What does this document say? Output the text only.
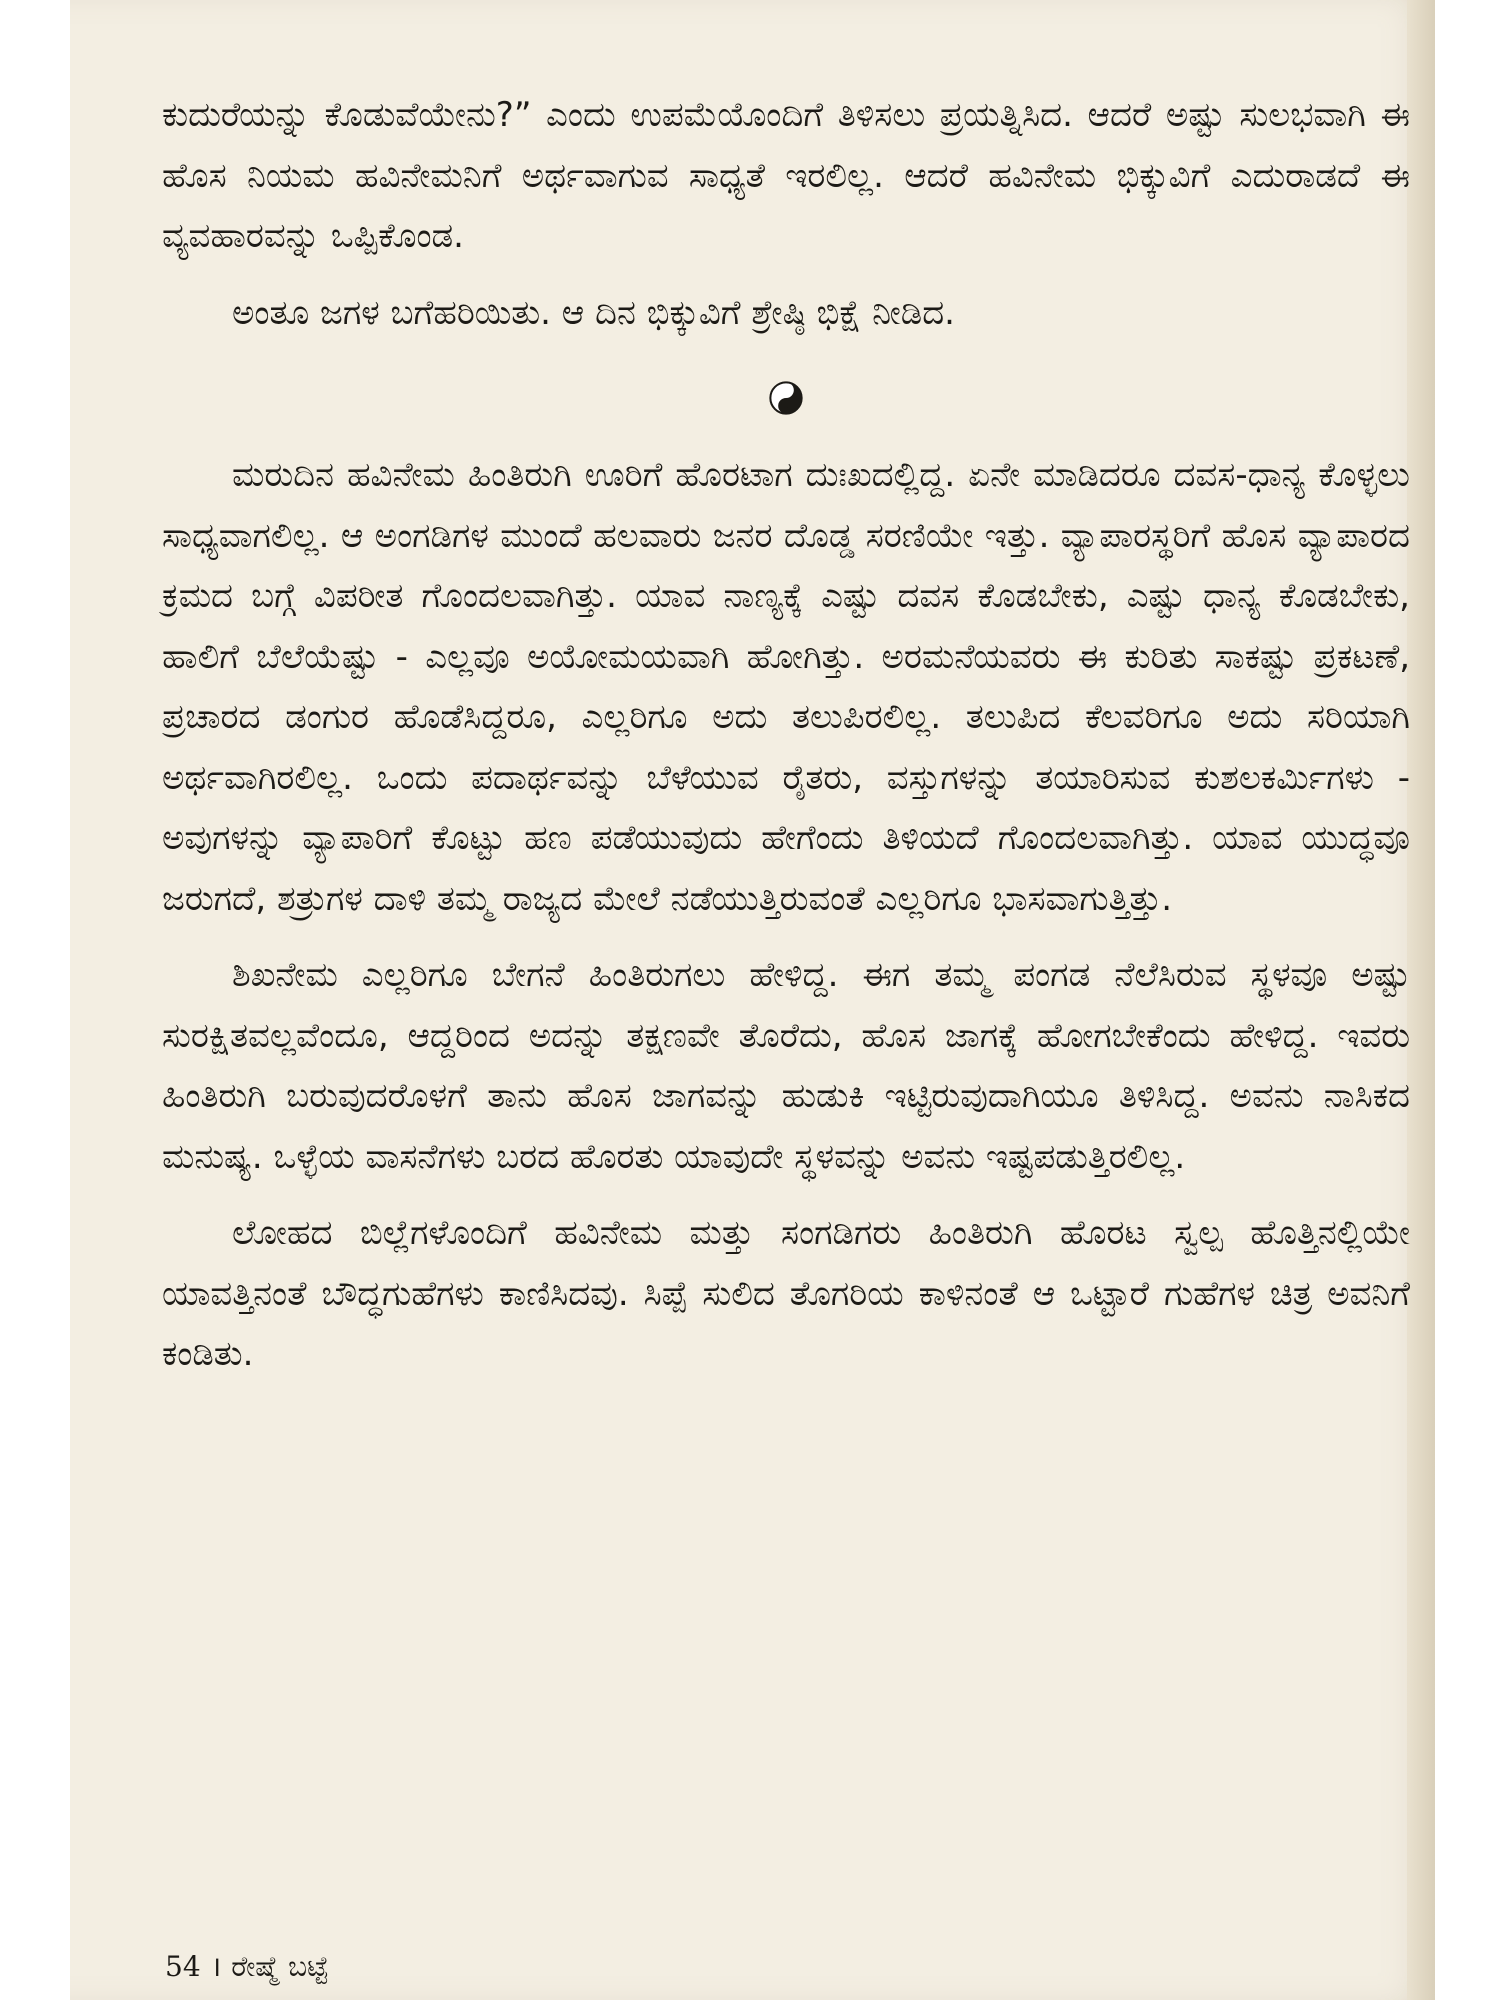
ಕುದುರೆಯನ್ನು ಕೊಡುವೆಯೇನು?” ಎಂದು ಉಪಮೆಯೊಂದಿಗೆ ತಿಳಿಸಲು ಪ್ರಯತ್ನಿಸಿದ. ಆದರೆ ಅಷ್ಟು ಸುಲಭವಾಗಿ ಈ ಹೊಸ ನಿಯಮ ಹವಿನೇಮನಿಗೆ ಅರ್ಥವಾಗುವ ಸಾಧ್ಯತೆ ಇರಲಿಲ್ಲ. ಆದರೆ ಹವಿನೇಮ ಭಿಕ್ಕುವಿಗೆ ಎದುರಾಡದೆ ಈ ವ್ಯವಹಾರವನ್ನು ಒಪ್ಪಿಕೊಂಡ.

ಅಂತೂ ಜಗಳ ಬಗೆಹರಿಯಿತು. ಆ ದಿನ ಭಿಕ್ಕುವಿಗೆ ಶ್ರೇಷ್ಠಿ ಭಿಕ್ಷೆ ನೀಡಿದ.

ಮರುದಿನ ಹವಿನೇಮ ಹಿಂತಿರುಗಿ ಊರಿಗೆ ಹೊರಟಾಗ ದುಃಖದಲ್ಲಿದ್ದ. ಏನೇ ಮಾಡಿದರೂ ದವಸ-ಧಾನ್ಯ ಕೊಳ್ಳಲು ಸಾಧ್ಯವಾಗಲಿಲ್ಲ. ಆ ಅಂಗಡಿಗಳ ಮುಂದೆ ಹಲವಾರು ಜನರ ದೊಡ್ಡ ಸರಣಿಯೇ ಇತ್ತು. ವ್ಯಾಪಾರಸ್ಥರಿಗೆ ಹೊಸ ವ್ಯಾಪಾರದ ಕ್ರಮದ ಬಗ್ಗೆ ವಿಪರೀತ ಗೊಂದಲವಾಗಿತ್ತು. ಯಾವ ನಾಣ್ಯಕ್ಕೆ ಎಷ್ಟು ದವಸ ಕೊಡಬೇಕು, ಎಷ್ಟು ಧಾನ್ಯ ಕೊಡಬೇಕು, ಹಾಲಿಗೆ ಬೆಲೆಯೆಷ್ಟು - ಎಲ್ಲವೂ ಅಯೋಮಯವಾಗಿ ಹೋಗಿತ್ತು. ಅರಮನೆಯವರು ಈ ಕುರಿತು ಸಾಕಷ್ಟು ಪ್ರಕಟಣೆ, ಪ್ರಚಾರದ ಡಂಗುರ ಹೊಡೆಸಿದ್ದರೂ, ಎಲ್ಲರಿಗೂ ಅದು ತಲುಪಿರಲಿಲ್ಲ. ತಲುಪಿದ ಕೆಲವರಿಗೂ ಅದು ಸರಿಯಾಗಿ ಅರ್ಥವಾಗಿರಲಿಲ್ಲ. ಒಂದು ಪದಾರ್ಥವನ್ನು ಬೆಳೆಯುವ ರೈತರು, ವಸ್ತುಗಳನ್ನು ತಯಾರಿಸುವ ಕುಶಲಕರ್ಮಿಗಳು - ಅವುಗಳನ್ನು ವ್ಯಾಪಾರಿಗೆ ಕೊಟ್ಟು ಹಣ ಪಡೆಯುವುದು ಹೇಗೆಂದು ತಿಳಿಯದೆ ಗೊಂದಲವಾಗಿತ್ತು. ಯಾವ ಯುದ್ಧವೂ ಜರುಗದೆ, ಶತ್ರುಗಳ ದಾಳಿ ತಮ್ಮ ರಾಜ್ಯದ ಮೇಲೆ ನಡೆಯುತ್ತಿರುವಂತೆ ಎಲ್ಲರಿಗೂ ಭಾಸವಾಗುತ್ತಿತ್ತು.

ಶಿಖನೇಮ ಎಲ್ಲರಿಗೂ ಬೇಗನೆ ಹಿಂತಿರುಗಲು ಹೇಳಿದ್ದ. ಈಗ ತಮ್ಮ ಪಂಗಡ ನೆಲೆಸಿರುವ ಸ್ಥಳವೂ ಅಷ್ಟು ಸುರಕ್ಷಿತವಲ್ಲವೆಂದೂ, ಆದ್ದರಿಂದ ಅದನ್ನು ತಕ್ಷಣವೇ ತೊರೆದು, ಹೊಸ ಜಾಗಕ್ಕೆ ಹೋಗಬೇಕೆಂದು ಹೇಳಿದ್ದ. ಇವರು ಹಿಂತಿರುಗಿ ಬರುವುದರೊಳಗೆ ತಾನು ಹೊಸ ಜಾಗವನ್ನು ಹುಡುಕಿ ಇಟ್ಟಿರುವುದಾಗಿಯೂ ತಿಳಿಸಿದ್ದ. ಅವನು ನಾಸಿಕದ ಮನುಷ್ಯ. ಒಳ್ಳೆಯ ವಾಸನೆಗಳು ಬರದ ಹೊರತು ಯಾವುದೇ ಸ್ಥಳವನ್ನು ಅವನು ಇಷ್ಟಪಡುತ್ತಿರಲಿಲ್ಲ.

ಲೋಹದ ಬಿಲ್ಲೆಗಳೊಂದಿಗೆ ಹವಿನೇಮ ಮತ್ತು ಸಂಗಡಿಗರು ಹಿಂತಿರುಗಿ ಹೊರಟ ಸ್ವಲ್ಪ ಹೊತ್ತಿನಲ್ಲಿಯೇ ಯಾವತ್ತಿನಂತೆ ಬೌದ್ಧಗುಹೆಗಳು ಕಾಣಿಸಿದವು. ಸಿಪ್ಪೆ ಸುಲಿದ ತೊಗರಿಯ ಕಾಳಿನಂತೆ ಆ ಒಟ್ಟಾರೆ ಗುಹೆಗಳ ಚಿತ್ರ ಅವನಿಗೆ ಕಂಡಿತು.

54 । ರೇಷ್ಮೆ ಬಟ್ಟೆ
